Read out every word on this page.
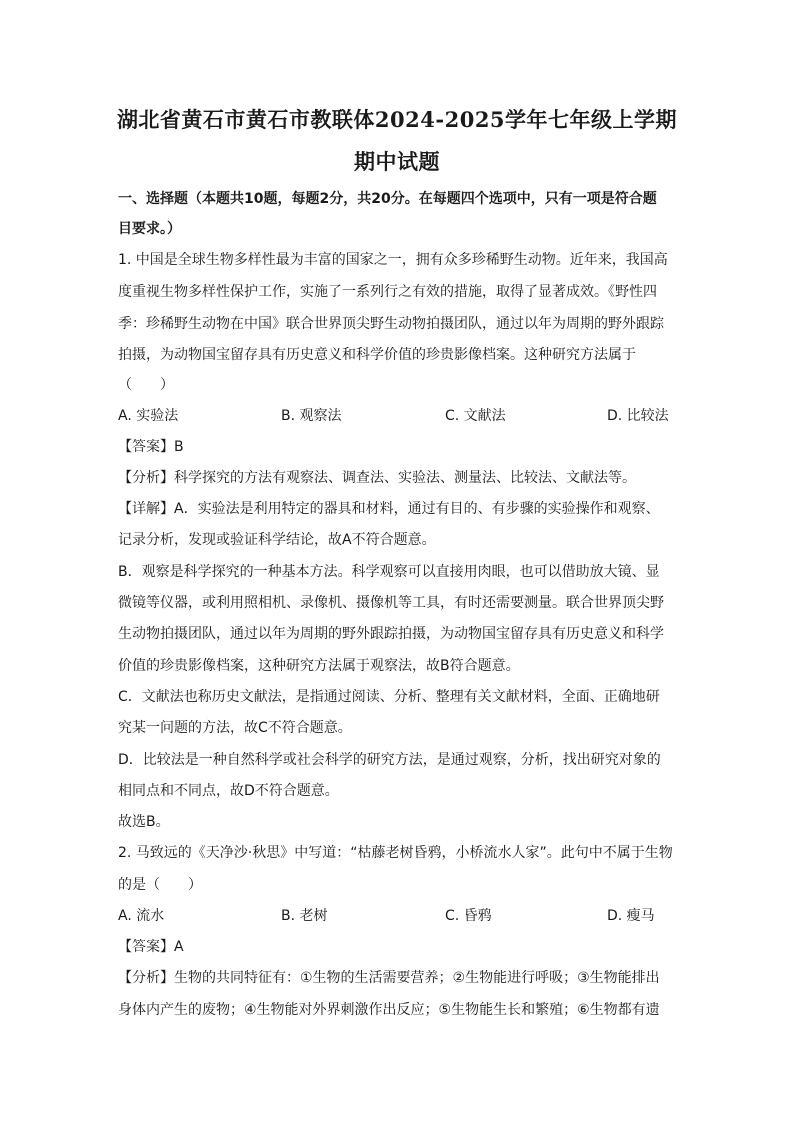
湖北省黄石市黄石市教联体2024-2025学年七年级上学期
期中试题
一、选择题（本题共10题，每题2分，共20分。在每题四个选项中，只有一项是符合题
目要求。）
1. 中国是全球生物多样性最为丰富的国家之一，拥有众多珍稀野生动物。近年来，我国高
度重视生物多样性保护工作，实施了一系列行之有效的措施，取得了显著成效。《野性四
季：珍稀野生动物在中国》联合世界顶尖野生动物拍摄团队，通过以年为周期的野外跟踪
拍摄，为动物国宝留存具有历史意义和科学价值的珍贵影像档案。这种研究方法属于
（　　）
A. 实验法	B. 观察法	C. 文献法	D. 比较法
【答案】B
【分析】科学探究的方法有观察法、调查法、实验法、测量法、比较法、文献法等。
【详解】A．实验法是利用特定的器具和材料，通过有目的、有步骤的实验操作和观察、
记录分析，发现或验证科学结论，故A不符合题意。
B．观察是科学探究的一种基本方法。科学观察可以直接用肉眼，也可以借助放大镜、显
微镜等仪器，或利用照相机、录像机、摄像机等工具，有时还需要测量。联合世界顶尖野
生动物拍摄团队，通过以年为周期的野外跟踪拍摄，为动物国宝留存具有历史意义和科学
价值的珍贵影像档案，这种研究方法属于观察法，故B符合题意。
C．文献法也称历史文献法，是指通过阅读、分析、整理有关文献材料，全面、正确地研
究某一问题的方法，故C不符合题意。
D．比较法是一种自然科学或社会科学的研究方法，是通过观察，分析，找出研究对象的
相同点和不同点，故D不符合题意。
故选B。
2. 马致远的《天净沙·秋思》中写道：“枯藤老树昏鸦，小桥流水人家”。此句中不属于生物
的是（　　）
A. 流水	B. 老树	C. 昏鸦	D. 瘦马
【答案】A
【分析】生物的共同特征有：①生物的生活需要营养；②生物能进行呼吸；③生物能排出
身体内产生的废物；④生物能对外界刺激作出反应；⑤生物能生长和繁殖；⑥生物都有遗
